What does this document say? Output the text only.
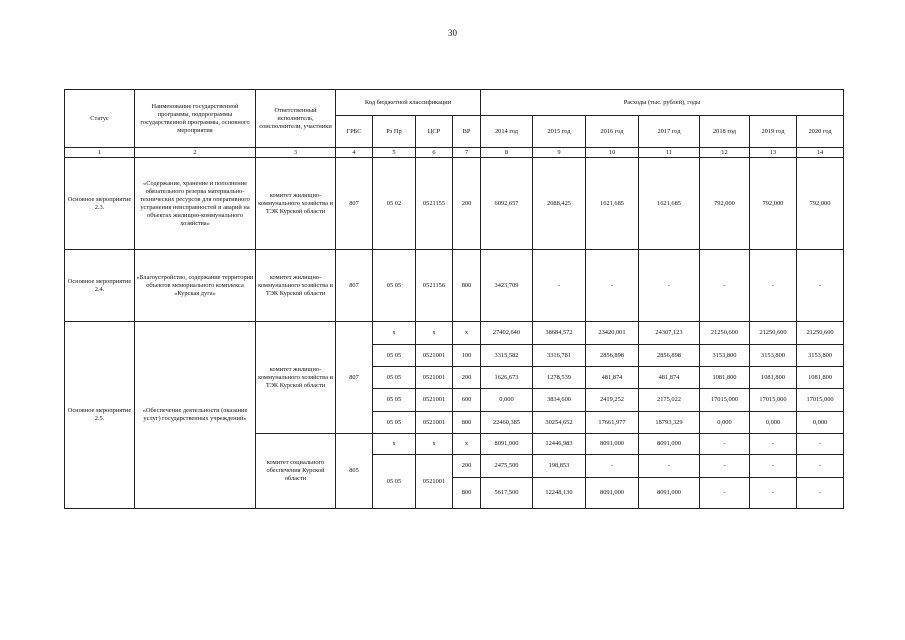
30
Статус	Наименование государственной программы, подпрограммы государственной программы, основного мероприятия	Ответственный исполнитель, соисполнители, участники	Код бюджетной классификации				Расходы (тыс. рублей), годы						
			ГРБС	Рз Пр	ЦСР	ВР	2014 год	2015 год	2016 год	2017 год	2018 год	2019 год	2020 год
1	2	3	4	5	6	7	8	9	10	11	12	13	14
Основное мероприятие 2.3.	«Содержание, хранение и пополнение обязательного резерва материально-технических ресурсов для оперативного устранения неисправностей и аварий на объектах жилищно-коммунального хозяйства»	комитет жилищно-коммунального хозяйства и ТЭК Курской области	807	05 02	0521155	200	6092,657	2088,425	1621,685	1621,685	792,000	792,000	792,000
Основное мероприятие 2.4.	«Благоустройство, содержание территории объектов мемориального комплекса «Курская дуга»	комитет жилищно-коммунального хозяйства и ТЭК Курской области	807	05 05	0521156	800	3423,709	-	-	-	-	-	-
Основное мероприятие 2.5.	«Обеспечение деятельности (оказание услуг) государственных учреждений»	комитет жилищно-коммунального хозяйства и ТЭК Курской области	807	х	х	х	27402,640	38684,572	23420,001	24307,123	21250,600	21250,600	21250,600
				05 05	0521001	100	3315,582	3316,781	2856,898	2856,898	3153,800	3153,800	3153,800
				05 05	0521001	200	1626,673	1278,539	481,874	481,874	1081,800	1081,800	1081,800
				05 05	0521001	600	0,000	3834,600	2419,252	2175,022	17015,000	17015,000	17015,000
				05 05	0521001	800	22460,385	30254,652	17661,977	18793,329	0,000	0,000	0,000
		комитет социального обеспечения Курской области	805	х	х	х	8091,000	12446,983	8091,000	8091,000	-	-	-
				05 05	0521001	200	2475,500	198,853	-	-	-	-	-
						800	5617,500	12248,130	8091,000	8091,000	-	-	-
